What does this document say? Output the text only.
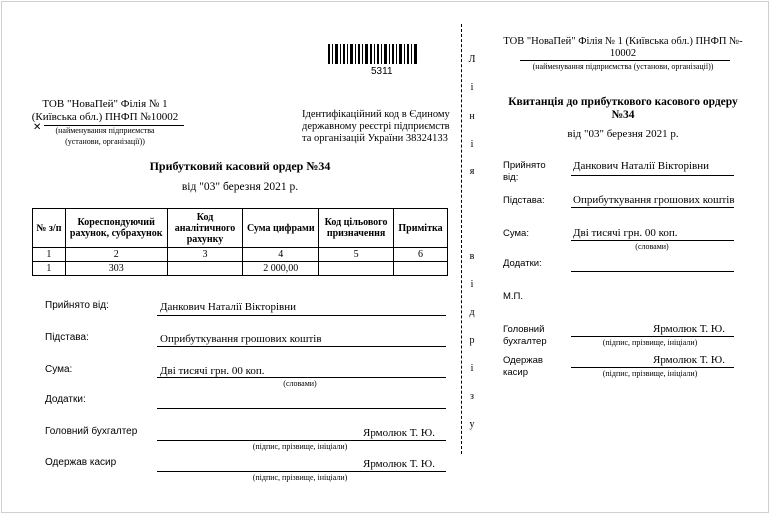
5311
ТОВ "НоваПей" Філія № 1
(Київська обл.) ПНФП №10002
✕	(найменування підприємства
(установи, організації))
Ідентифікаційний код в Єдиному
державному реєстрі підприємств
та організацій України 38324133
Прибутковий касовий ордер №34
від "03" березня 2021 р.
№ з/п	Кореспондуючий рахунок, субрахунок	Код аналітичного рахунку	Сума цифрами	Код цільового призначення	Примітка
1	2	3	4	5	6
1	303		2 000,00		
Прийнято від:	Данкович Наталії Вікторівни
Підстава:	Оприбуткування грошових коштів
Сума:	Дві тисячі грн. 00 коп.
(словами)
Додатки:
Головний бухгалтер	Ярмолюк Т. Ю.
(підпис, прізвище, ініціали)
Одержав касир	Ярмолюк Т. Ю.
(підпис, прізвище, ініціали)
Л
і
н
і
я
в
і
д
р
і
з
у
ТОВ "НоваПей" Філія № 1 (Київська обл.) ПНФП №-
10002
(найменування підприємства (установи, організації))
Квитанція до прибуткового касового ордеру
№34
від "03" березня 2021 р.
Прийнято
від:
Данкович Наталії Вікторівни
Підстава:	Оприбуткування грошових коштів
Сума:	Дві тисячі грн. 00 коп.
(словами)
Додатки:
М.П.
Головний
бухгалтер
Ярмолюк Т. Ю.
(підпис, прізвище, ініціали)
Одержав
касир
Ярмолюк Т. Ю.
(підпис, прізвище, ініціали)
